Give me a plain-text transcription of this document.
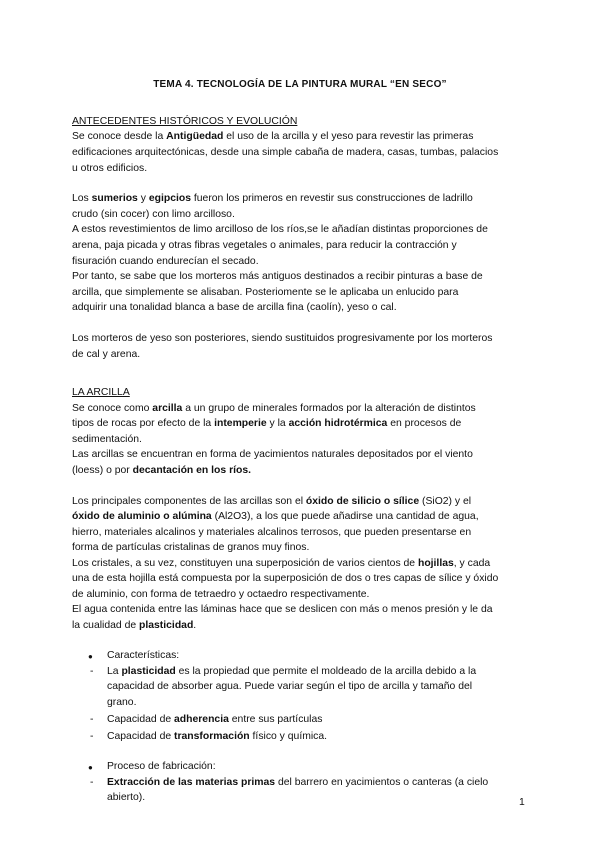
TEMA 4. TECNOLOGÍA DE LA PINTURA MURAL “EN SECO”
ANTECEDENTES HISTÓRICOS Y EVOLUCIÓN
Se conoce desde la Antigüedad el uso de la arcilla y el yeso para revestir las primeras
edificaciones arquitectónicas, desde una simple cabaña de madera, casas, tumbas, palacios
u otros edificios.
Los sumerios y egipcios fueron los primeros en revestir sus construcciones de ladrillo
crudo (sin cocer) con limo arcilloso.
A estos revestimientos de limo arcilloso de los ríos,se le añadían distintas proporciones de
arena, paja picada y otras fibras vegetales o animales, para reducir la contracción y
fisuración cuando endurecían el secado.
Por tanto, se sabe que los morteros más antiguos destinados a recibir pinturas a base de
arcilla, que simplemente se alisaban. Posteriomente se le aplicaba un enlucido para
adquirir una tonalidad blanca a base de arcilla fina (caolín), yeso o cal.
Los morteros de yeso son posteriores, siendo sustituidos progresivamente por los morteros
de cal y arena.
LA ARCILLA
Se conoce como arcilla a un grupo de minerales formados por la alteración de distintos
tipos de rocas por efecto de la intemperie y la acción hidrotérmica en procesos de
sedimentación.
Las arcillas se encuentran en forma de yacimientos naturales depositados por el viento
(loess) o por decantación en los ríos.
Los principales componentes de las arcillas son el óxido de silicio o sílice (SiO2) y el
óxido de aluminio o alúmina (Al2O3), a los que puede añadirse una cantidad de agua,
hierro, materiales alcalinos y materiales alcalinos terrosos, que pueden presentarse en
forma de partículas cristalinas de granos muy finos.
Los cristales, a su vez, constituyen una superposición de varios cientos de hojillas, y cada
una de esta hojilla está compuesta por la superposición de dos o tres capas de sílice y óxido
de aluminio, con forma de tetraedro y octaedro respectivamente.
El agua contenida entre las láminas hace que se deslicen con más o menos presión y le da
la cualidad de plasticidad.
● Características:
- La plasticidad es la propiedad que permite el moldeado de la arcilla debido a la
capacidad de absorber agua. Puede variar según el tipo de arcilla y tamaño del
grano.
- Capacidad de adherencia entre sus partículas
- Capacidad de transformación físico y química.
● Proceso de fabricación:
- Extracción de las materias primas del barrero en yacimientos o canteras (a cielo
abierto).	1
